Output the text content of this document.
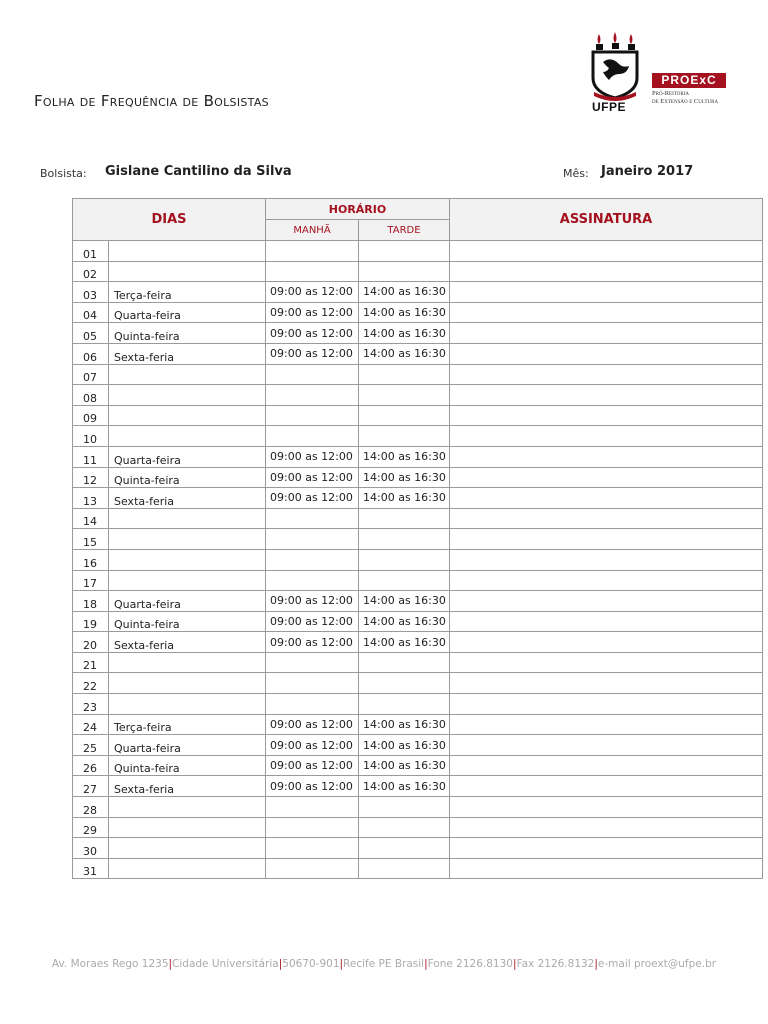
Folha de Frequência de Bolsistas	UFPE
PROExC
Pró-Reitoria
de Extensão e Cultura
Bolsista: Gislane Cantilino da Silva	Mês: Janeiro 2017
DIAS		HORÁRIO		ASSINATURA
		MANHÃ	TARDE	
01				
02				
03	Terça-feira	09:00 as 12:00	14:00 as 16:30	
04	Quarta-feira	09:00 as 12:00	14:00 as 16:30	
05	Quinta-feira	09:00 as 12:00	14:00 as 16:30	
06	Sexta-feria	09:00 as 12:00	14:00 as 16:30	
07				
08				
09				
10				
11	Quarta-feira	09:00 as 12:00	14:00 as 16:30	
12	Quinta-feira	09:00 as 12:00	14:00 as 16:30	
13	Sexta-feria	09:00 as 12:00	14:00 as 16:30	
14				
15				
16				
17				
18	Quarta-feira	09:00 as 12:00	14:00 as 16:30	
19	Quinta-feira	09:00 as 12:00	14:00 as 16:30	
20	Sexta-feria	09:00 as 12:00	14:00 as 16:30	
21				
22				
23				
24	Terça-feira	09:00 as 12:00	14:00 as 16:30	
25	Quarta-feira	09:00 as 12:00	14:00 as 16:30	
26	Quinta-feira	09:00 as 12:00	14:00 as 16:30	
27	Sexta-feria	09:00 as 12:00	14:00 as 16:30	
28				
29				
30				
31				
Av. Moraes Rego 1235|Cidade Universitária|50670-901|Recife PE Brasil|Fone 2126.8130|Fax 2126.8132|e-mail proext@ufpe.br
